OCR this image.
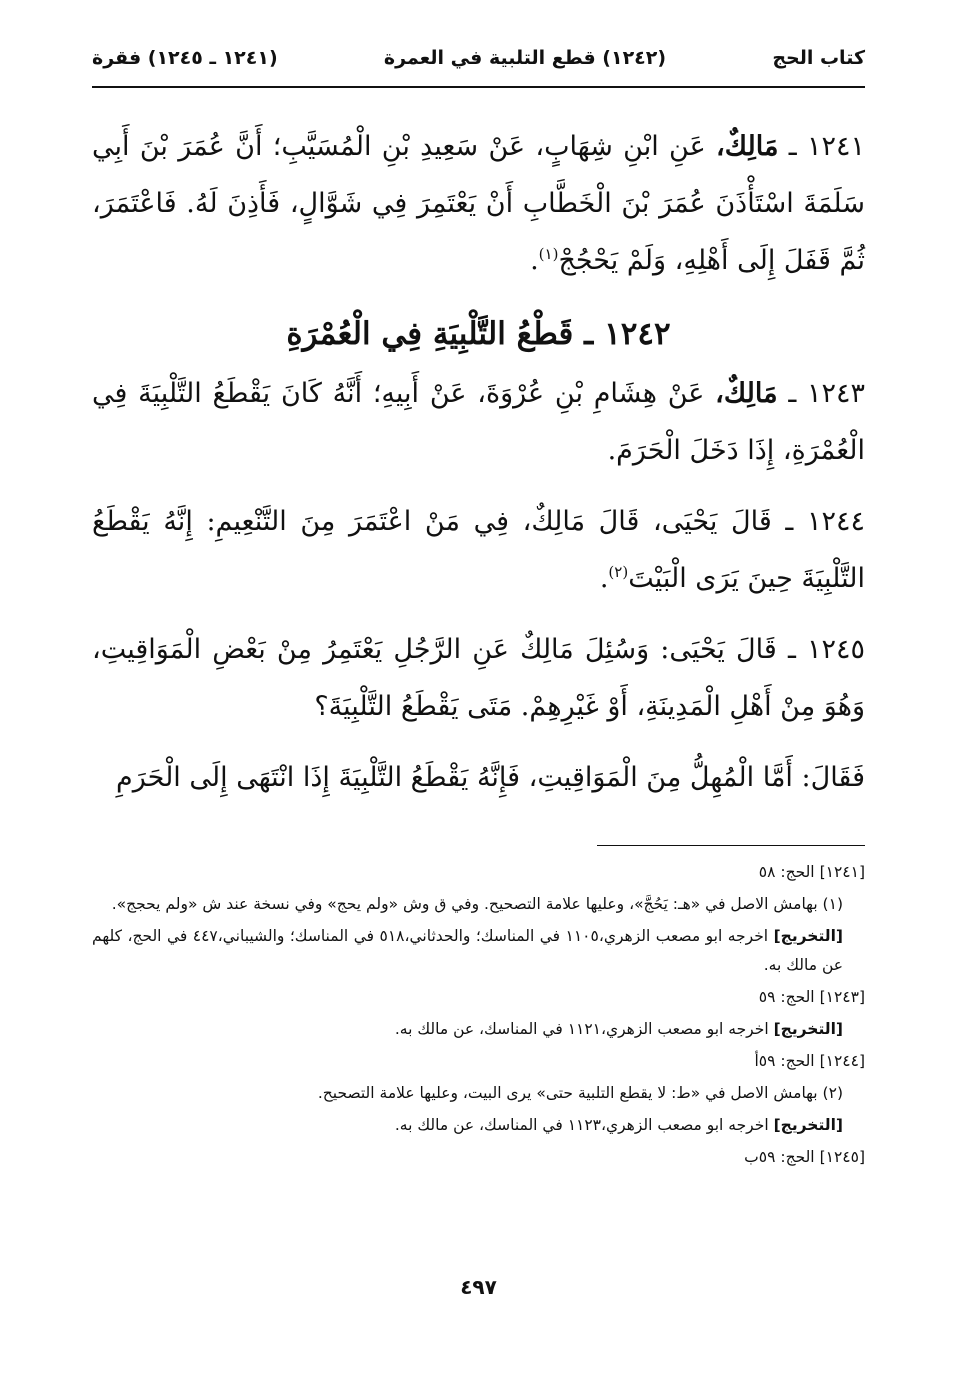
كتاب الحج
(١٢٤٢) قطع التلبية في العمرة
(١٢٤١ ـ ١٢٤٥) فقرة

١٢٤١ ـ مَالِكٌ، عَنِ ابْنِ شِهَابٍ، عَنْ سَعِيدِ بْنِ الْمُسَيَّبِ؛ أَنَّ عُمَرَ بْنَ أَبِي سَلَمَةَ اسْتَأْذَنَ عُمَرَ بْنَ الْخَطَّابِ أَنْ يَعْتَمِرَ فِي شَوَّالٍ، فَأَذِنَ لَهُ. فَاعْتَمَرَ، ثُمَّ قَفَلَ إِلَى أَهْلِهِ، وَلَمْ يَحْجُجْ$^{(١)}$.

١٢٤٢ ـ قَطْعُ التَّلْبِيَةِ فِي الْعُمْرَةِ

١٢٤٣ ـ مَالِكٌ، عَنْ هِشَامِ بْنِ عُرْوَةَ، عَنْ أَبِيهِ؛ أَنَّهُ كَانَ يَقْطَعُ التَّلْبِيَةَ فِي الْعُمْرَةِ، إِذَا دَخَلَ الْحَرَمَ.

١٢٤٤ ـ قَالَ يَحْيَى، قَالَ مَالِكٌ، فِي مَنْ اعْتَمَرَ مِنَ التَّنْعِيمِ: إِنَّهُ يَقْطَعُ التَّلْبِيَةَ حِينَ يَرَى الْبَيْتَ$^{(٢)}$.

١٢٤٥ ـ قَالَ يَحْيَى: وَسُئِلَ مَالِكٌ عَنِ الرَّجُلِ يَعْتَمِرُ مِنْ بَعْضِ الْمَوَاقِيتِ، وَهُوَ مِنْ أَهْلِ الْمَدِينَةِ، أَوْ غَيْرِهِمْ. مَتَى يَقْطَعُ التَّلْبِيَةَ؟

فَقَالَ: أَمَّا الْمُهِلُّ مِنَ الْمَوَاقِيتِ، فَإِنَّهُ يَقْطَعُ التَّلْبِيَةَ إِذَا انْتَهَى إِلَى الْحَرَمِ

[١٢٤١] الحج: ٥٨
(١) بهامش الاصل في «هـ: يَحُجَّ»، وعليها علامة التصحيح. وفي ق وش «ولم يحج» وفي نسخة عند ش «ولم يحجج».
[التخريج] اخرجه ابو مصعب الزهري،١١٠٥ في المناسك؛ والحدثاني،٥١٨ في المناسك؛ والشيباني،٤٤٧ في الحج، كلهم عن مالك به.
[١٢٤٣] الحج: ٥٩
[التخريج] اخرجه ابو مصعب الزهري،١١٢١ في المناسك، عن مالك به.
[١٢٤٤] الحج: ٥٩أ
(٢) بهامش الاصل في «ط: لا يقطع التلبية حتى» يرى البيت، وعليها علامة التصحيح.
[التخريج] اخرجه ابو مصعب الزهري،١١٢٣ في المناسك، عن مالك به.
[١٢٤٥] الحج: ٥٩ب
٤٩٧
